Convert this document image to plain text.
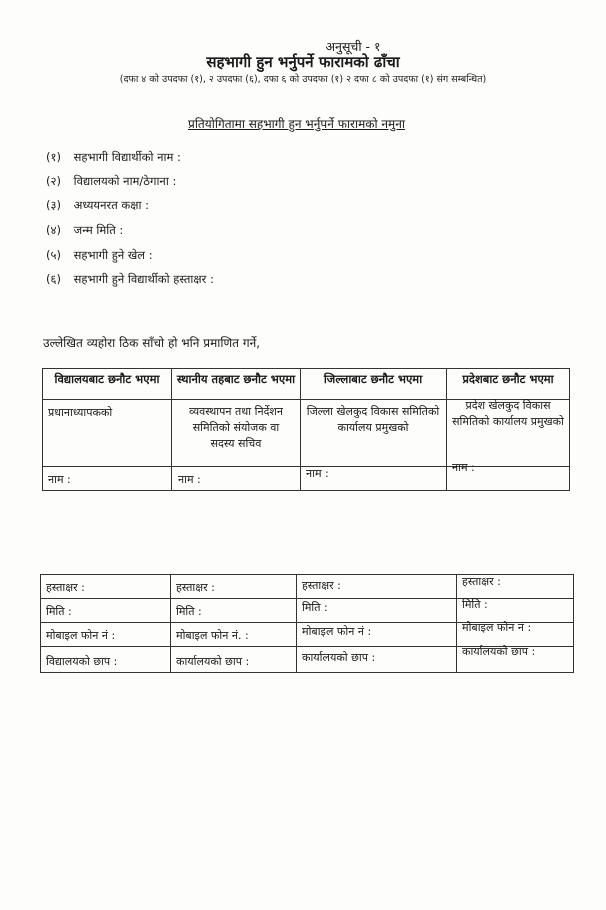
अनुसूची - १
सहभागी हुन भर्नुपर्ने फारामको ढाँचा
(दफा ४ को उपदफा (१), २ उपदफा (६), दफा ६ को उपदफा (१) २ दफा ८ को उपदफा (१) संग सम्बन्धित)
प्रतियोगितामा सहभागी हुन भर्नुपर्ने फारामको नमुना
(१) सहभागी विद्यार्थीको नाम :
(२) विद्यालयको नाम/ठेगाना :
(३) अध्ययनरत कक्षा :
(४) जन्म मिति :
(५) सहभागी हुने खेल :
(६) सहभागी हुने विद्यार्थीको हस्ताक्षर :
उल्लेखित व्यहोरा ठिक साँचो हो भनि प्रमाणित गर्ने,
विद्यालयबाट छनौट भएमा
प्रधानाध्यापकको
नाम :
स्थानीय तहबाट छनौट भएमा
व्यवस्थापन तथा निर्देशन समितिको संयोजक वा सदस्य सचिव
नाम :
जिल्लाबाट छनौट भएमा
जिल्ला खेलकुद विकास समितिको कार्यालय प्रमुखको
नाम :
प्रदेशबाट छनौट भएमा
प्रदेश खेलकुद विकास समितिको कार्यालय प्रमुखको
नाम :
हस्ताक्षर :
मिति :
मोबाइल फोन नं :
विद्यालयको छाप :
हस्ताक्षर :
मिति :
मोबाइल फोन नं. :
कार्यालयको छाप :
हस्ताक्षर :
मिति :
मोबाइल फोन नं :
कार्यालयको छाप :
हस्ताक्षर :
मिति :
मोबाइल फोन नं :
कार्यालयको छाप :
